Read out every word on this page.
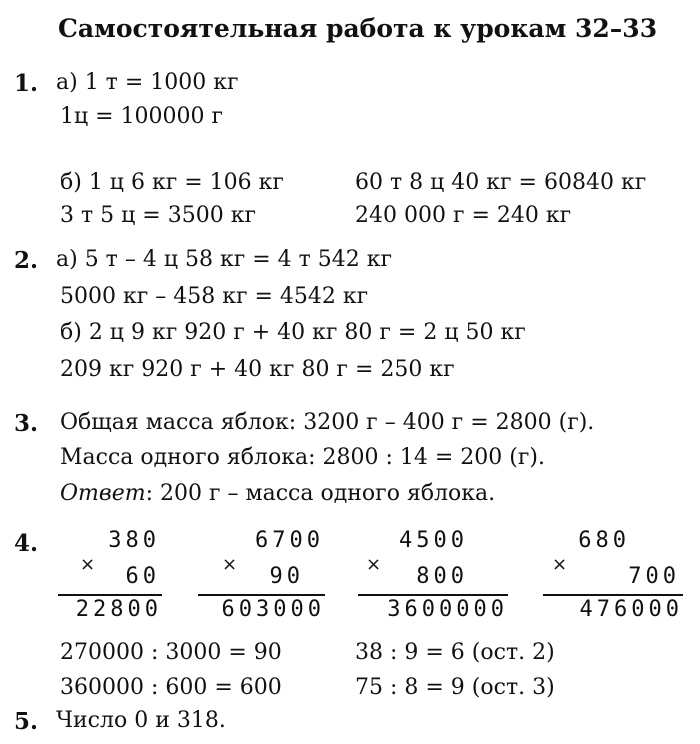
Самостоятельная работа к урокам 32–33
1. а) 1 т = 1000 кг
1ц = 100000 г
б) 1 ц 6 кг = 106 кг	60 т 8 ц 40 кг = 60840 кг
3 т 5 ц = 3500 кг	240 000 г = 240 кг
2. а) 5 т – 4 ц 58 кг = 4 т 542 кг
5000 кг – 458 кг = 4542 кг
б) 2 ц 9 кг 920 г + 40 кг 80 г = 2 ц 50 кг
209 кг 920 г + 40 кг 80 г = 250 кг
3. Общая масса яблок: 3200 г – 400 г = 2800 (г).
Масса одного яблока: 2800 : 14 = 200 (г).
Ответ: 200 г – масса одного яблока.
4.	380
×	60
22800
6700
×	90
603000
4500
×	800
3600000
680
×	700
476000
270000 : 3000 = 90	38 : 9 = 6 (ост. 2)
360000 : 600 = 600	75 : 8 = 9 (ост. 3)
5. Число 0 и 318.
